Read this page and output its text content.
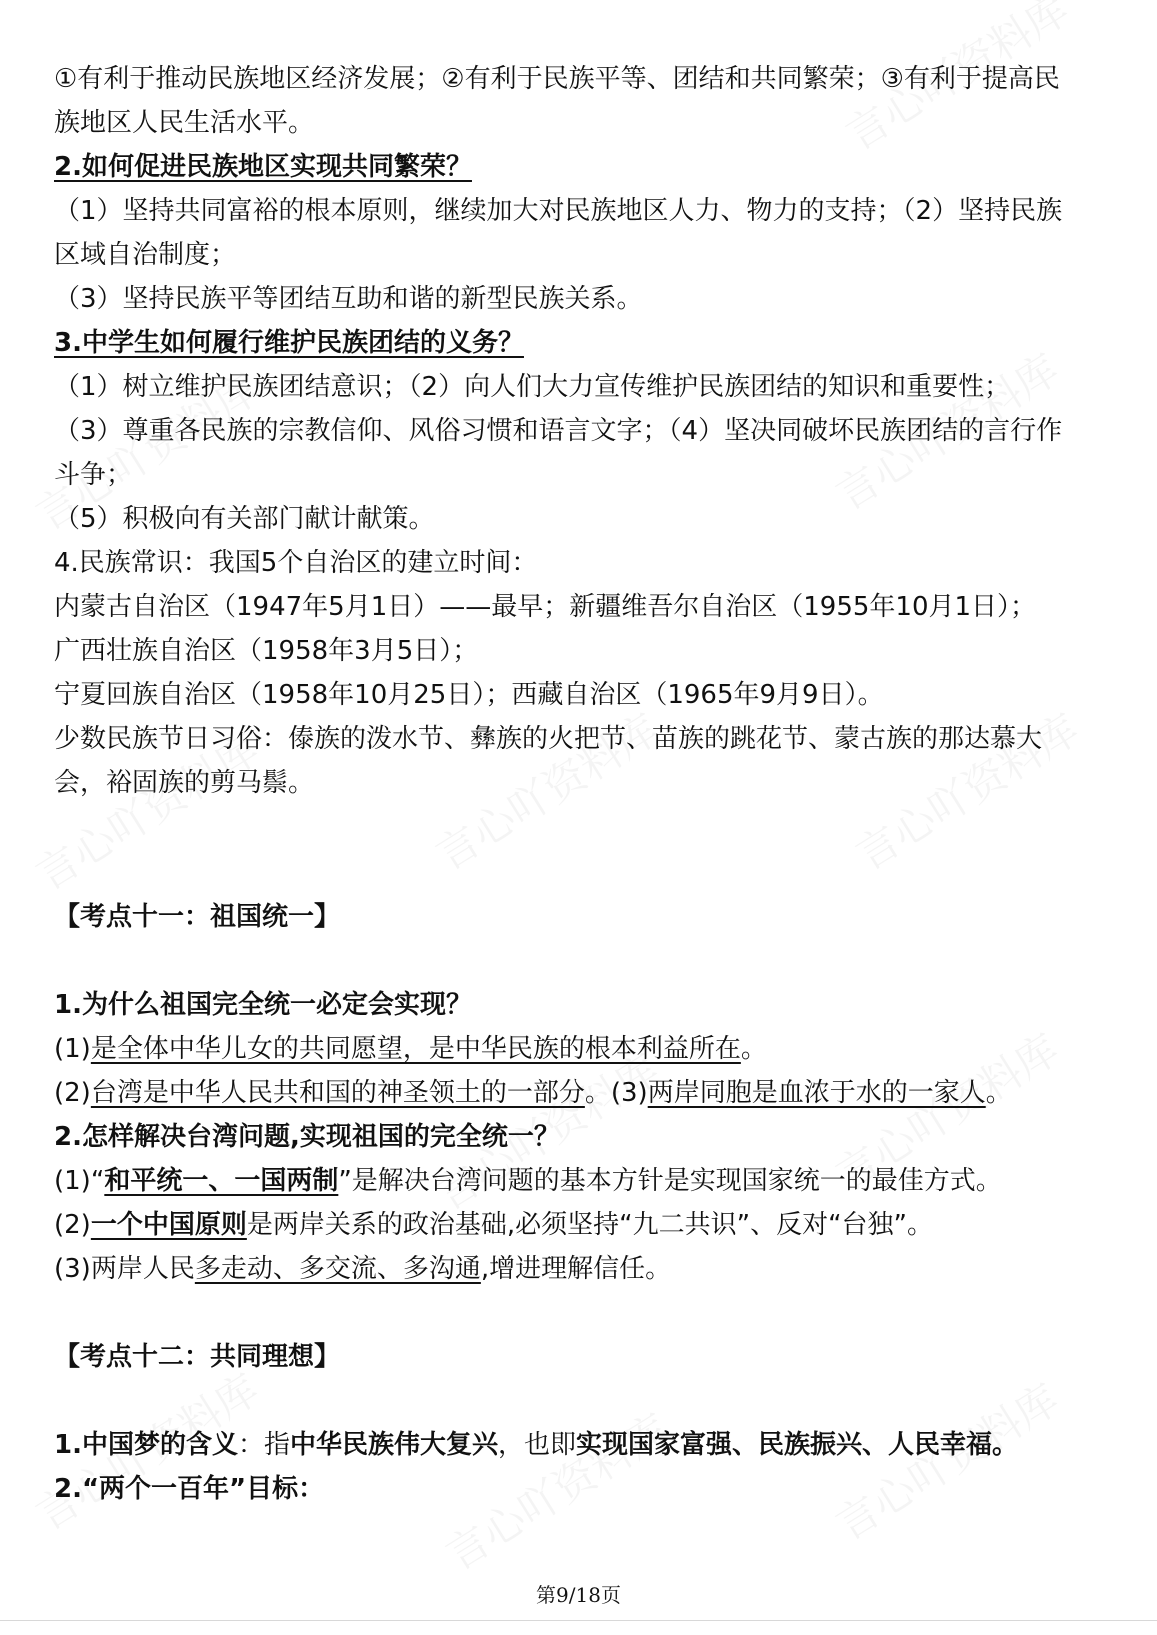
①有利于推动民族地区经济发展；②有利于民族平等、团结和共同繁荣；③有利于提高民
族地区人民生活水平。
2.如何促进民族地区实现共同繁荣？
（1）坚持共同富裕的根本原则，继续加大对民族地区人力、物力的支持；（2）坚持民族
区域自治制度；
（3）坚持民族平等团结互助和谐的新型民族关系。
3.中学生如何履行维护民族团结的义务？
（1）树立维护民族团结意识；（2）向人们大力宣传维护民族团结的知识和重要性；
（3）尊重各民族的宗教信仰、风俗习惯和语言文字；（4）坚决同破坏民族团结的言行作
斗争；
（5）积极向有关部门献计献策。
4.民族常识：我国5个自治区的建立时间：
内蒙古自治区（1947年5月1日）——最早；新疆维吾尔自治区（1955年10月1日）；
广西壮族自治区（1958年3月5日）；
宁夏回族自治区（1958年10月25日）；西藏自治区（1965年9月9日）。
少数民族节日习俗：傣族的泼水节、彝族的火把节、苗族的跳花节、蒙古族的那达慕大
会，裕固族的剪马鬃。
【考点十一：祖国统一】
1.为什么祖国完全统一必定会实现？
(1)是全体中华儿女的共同愿望，是中华民族的根本利益所在。
(2)台湾是中华人民共和国的神圣领土的一部分。(3)两岸同胞是血浓于水的一家人。
2.怎样解决台湾问题,实现祖国的完全统一？
(1)“和平统一、一国两制”是解决台湾问题的基本方针是实现国家统一的最佳方式。
(2)一个中国原则是两岸关系的政治基础,必须坚持“九二共识”、反对“台独”。
(3)两岸人民多走动、多交流、多沟通,增进理解信任。
【考点十二：共同理想】
1.中国梦的含义：指中华民族伟大复兴，也即实现国家富强、民族振兴、人民幸福。
2.“两个一百年”目标：
第9/18页
